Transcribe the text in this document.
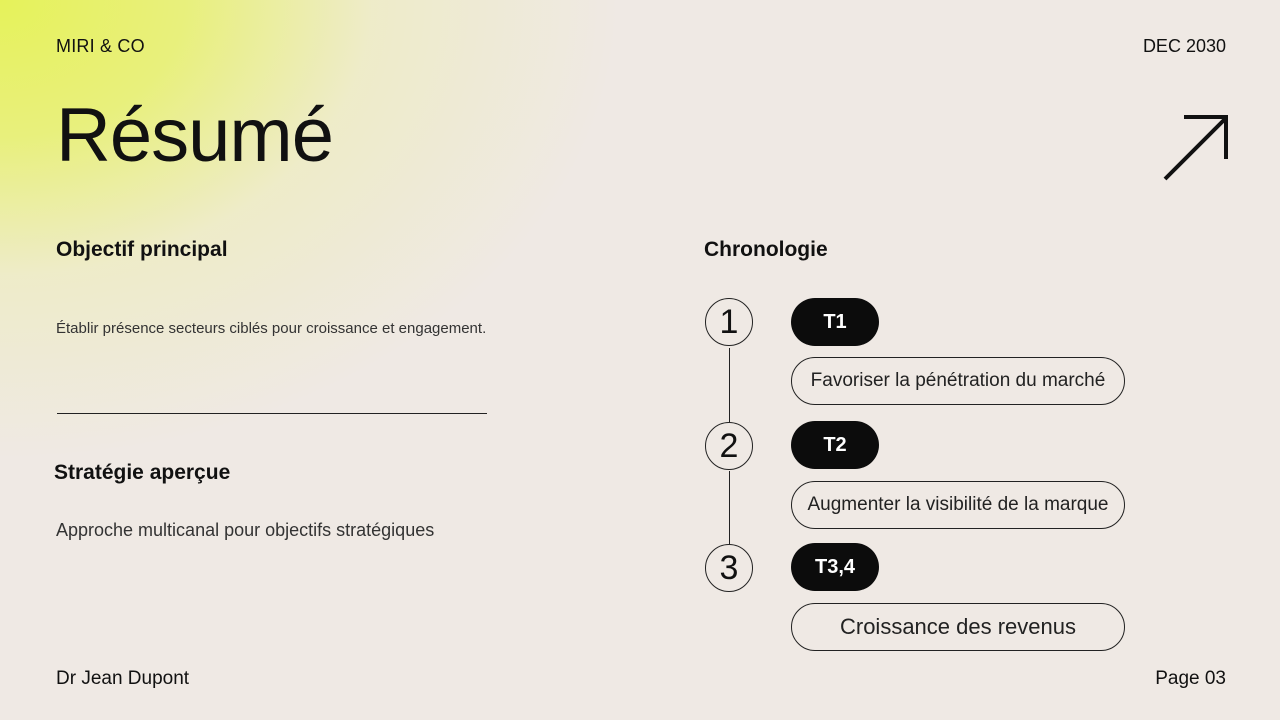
MIRI & CO	DEC 2030
Résumé
Objectif principal
Établir présence secteurs ciblés pour croissance et engagement.
Stratégie aperçue
Approche multicanal pour objectifs stratégiques
Chronologie
1	T1
Favoriser la pénétration du marché
2	T2
Augmenter la visibilité de la marque
3	T3,4
Croissance des revenus
Dr Jean Dupont	Page 03
